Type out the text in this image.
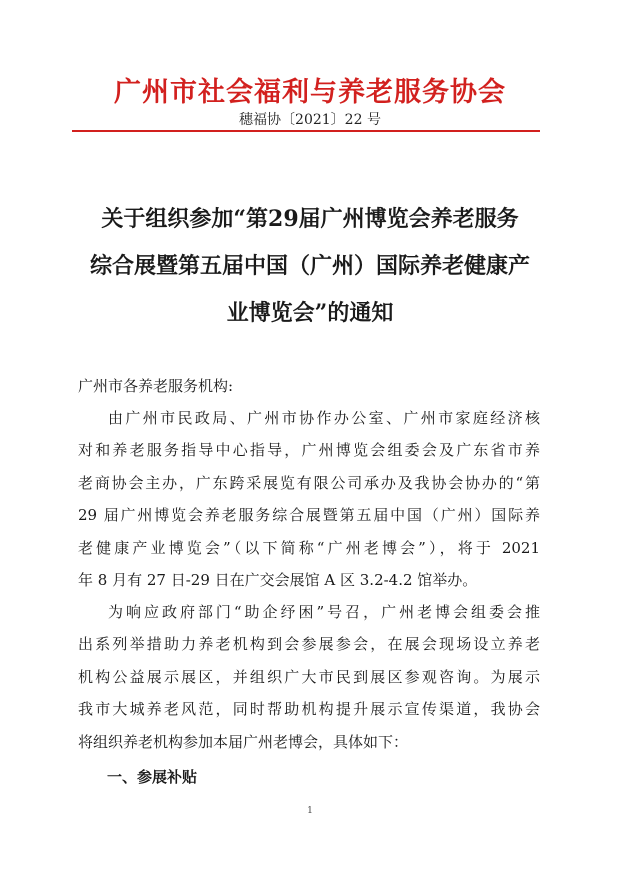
广州市社会福利与养老服务协会
穗福协〔2021〕22 号
关于组织参加“第29届广州博览会养老服务
综合展暨第五届中国（广州）国际养老健康产
业博览会”的通知
广州市各养老服务机构:
由广州市民政局、广州市协作办公室、广州市家庭经济核
对和养老服务指导中心指导，广州博览会组委会及广东省市养
老商协会主办，广东跨采展览有限公司承办及我协会协办的“第
29 届广州博览会养老服务综合展暨第五届中国（广州）国际养
老健康产业博览会”（以下简称“广州老博会”），将于 2021
年 8 月有 27 日-29 日在广交会展馆 A 区 3.2-4.2 馆举办。
为响应政府部门“助企纾困”号召，广州老博会组委会推
出系列举措助力养老机构到会参展参会，在展会现场设立养老
机构公益展示展区，并组织广大市民到展区参观咨询。为展示
我市大城养老风范，同时帮助机构提升展示宣传渠道，我协会
将组织养老机构参加本届广州老博会，具体如下：
一、参展补贴
1
